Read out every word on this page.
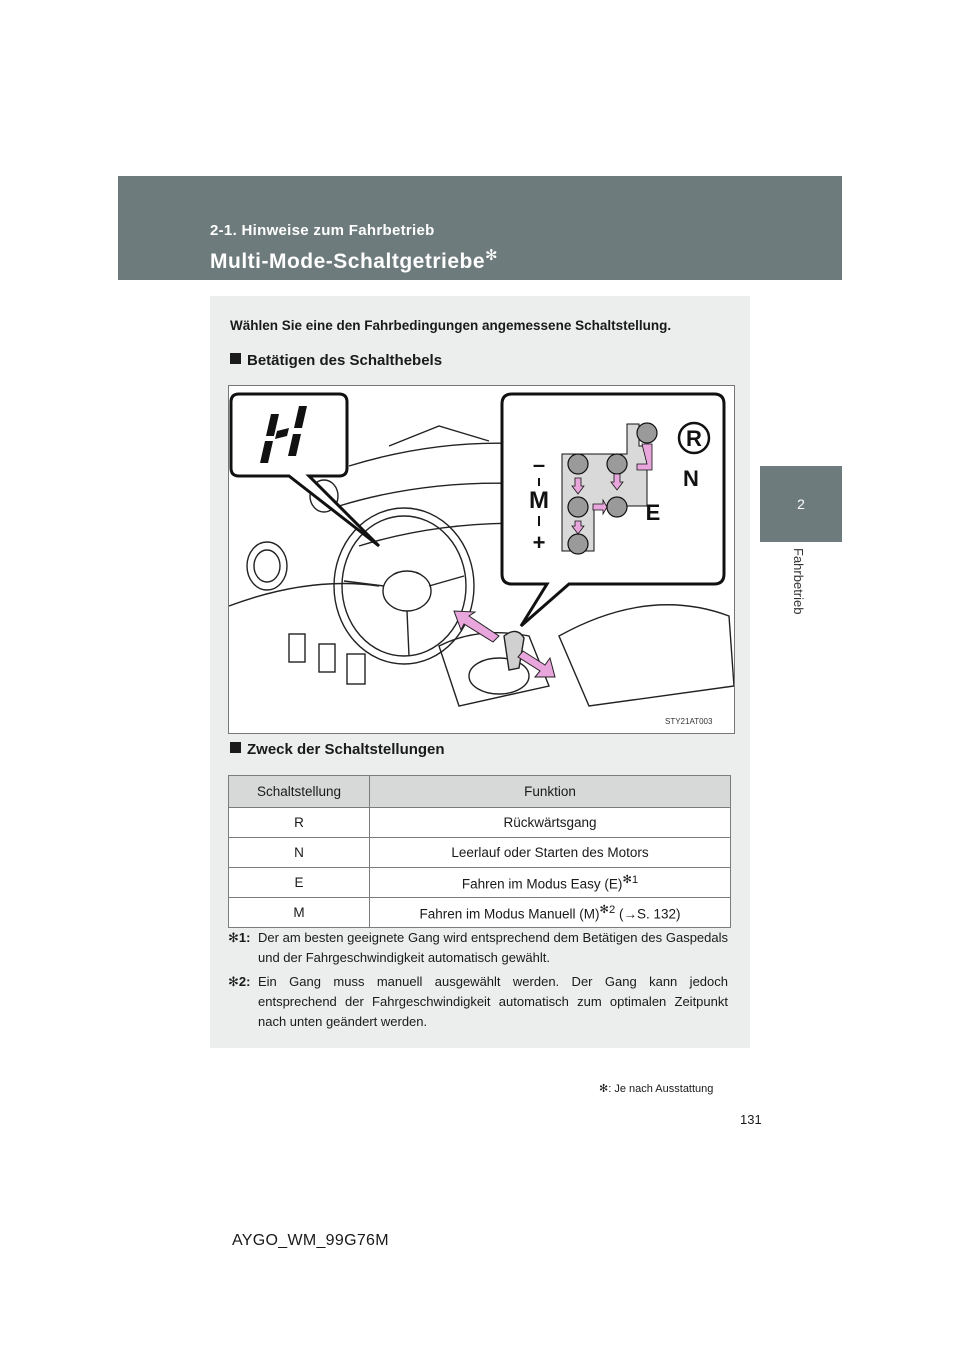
2-1. Hinweise zum Fahrbetrieb
Multi-Mode-Schaltgetriebe✻
2
Fahrbetrieb
Wählen Sie eine den Fahrbedingungen angemessene Schaltstellung.
Betätigen des Schalthebels
R
N
E
M
–
+
STY21AT003
Zweck der Schaltstellungen
Schaltstellung	Funktion
R	Rückwärtsgang
N	Leerlauf oder Starten des Motors
E	Fahren im Modus Easy $(E)^{✻1}$
M	Fahren im Modus Manuell $(M)^{✻2}$ (→S. 132)
✻1: Der am besten geeignete Gang wird entsprechend dem Betätigen des Gaspedals und der Fahrgeschwindigkeit automatisch gewählt.
✻2: Ein Gang muss manuell ausgewählt werden. Der Gang kann jedoch entsprechend der Fahrgeschwindigkeit automatisch zum optimalen Zeitpunkt nach unten geändert werden.
✻: Je nach Ausstattung
131
AYGO_WM_99G76M
